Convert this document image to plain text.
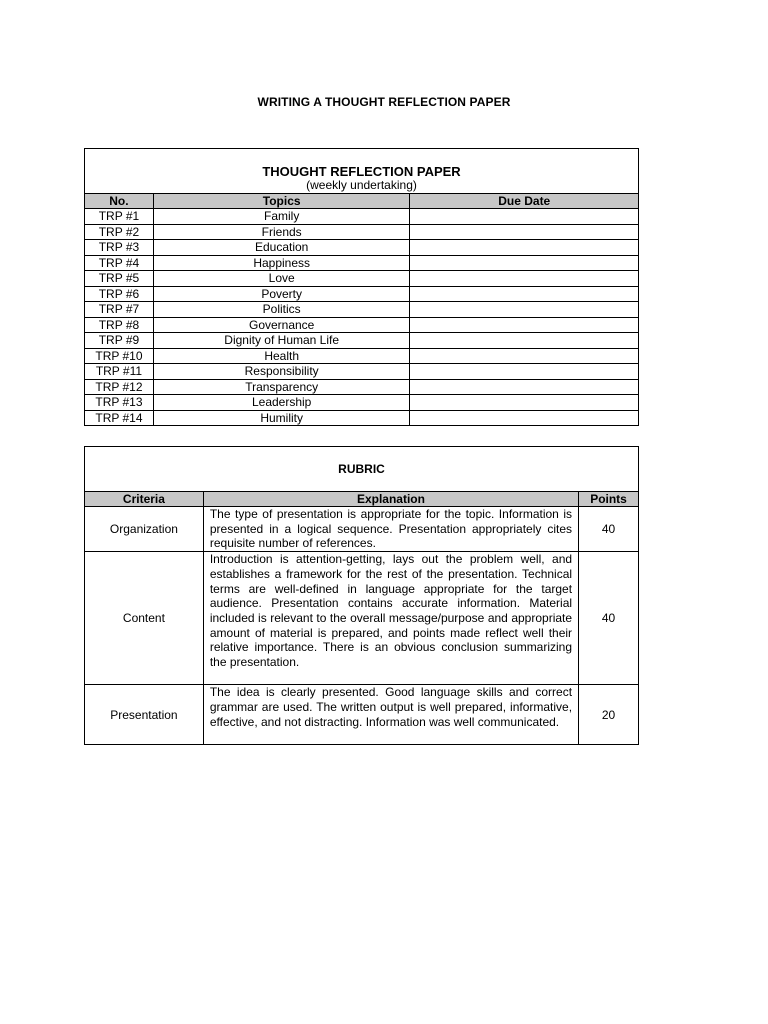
WRITING A THOUGHT REFLECTION PAPER
THOUGHT REFLECTION PAPER
(weekly undertaking)		

No.	Topics	Due Date
TRP #1	Family	
TRP #2	Friends	
TRP #3	Education	
TRP #4	Happiness	
TRP #5	Love	
TRP #6	Poverty	
TRP #7	Politics	
TRP #8	Governance	
TRP #9	Dignity of Human Life	
TRP #10	Health	
TRP #11	Responsibility	
TRP #12	Transparency	
TRP #13	Leadership	
TRP #14	Humility	
RUBRIC		
Criteria	Explanation	Points
Organization	The type of presentation is appropriate for the topic. Information is presented in a logical sequence. Presentation appropriately cites requisite number of references.	40
Content	Introduction is attention-getting, lays out the problem well, and establishes a framework for the rest of the presentation. Technical terms are well-defined in language appropriate for the target audience. Presentation contains accurate information. Material included is relevant to the overall message/purpose and appropriate amount of material is prepared, and points made reflect well their relative importance. There is an obvious conclusion summarizing the presentation.	40
Presentation	The idea is clearly presented. Good language skills and correct grammar are used. The written output is well prepared, informative, effective, and not distracting. Information was well communicated.	20
